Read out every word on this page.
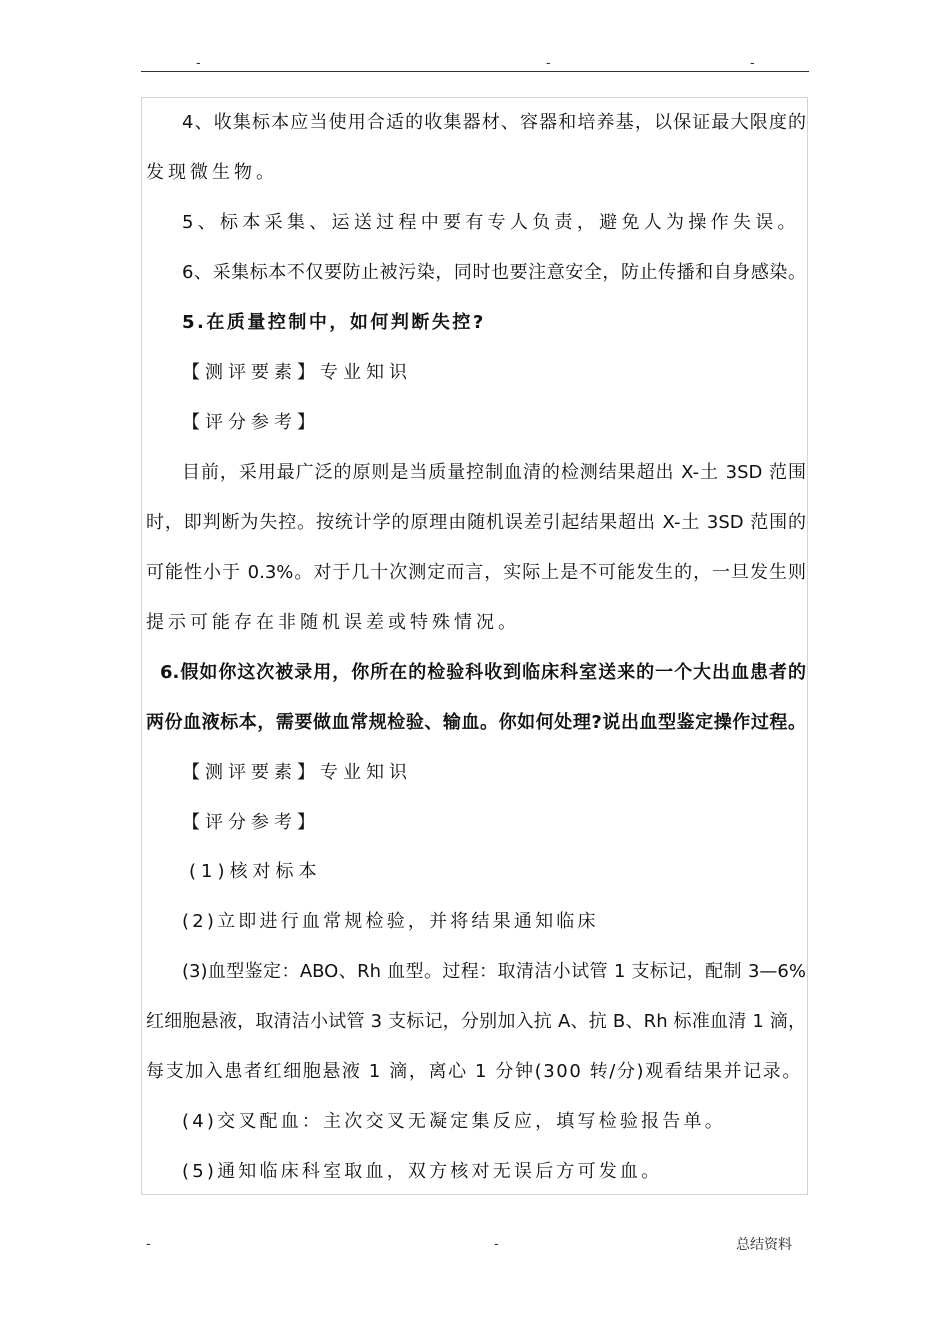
-	-	-
4、收集标本应当使用合适的收集器材、容器和培养基，以保证最大限度的
发现微生物。
5、标本采集、运送过程中要有专人负责，避免人为操作失误。
6、采集标本不仅要防止被污染，同时也要注意安全，防止传播和自身感染。
5.在质量控制中，如何判断失控?
【测评要素】专业知识
【评分参考】
目前，采用最广泛的原则是当质量控制血清的检测结果超出 X-土 3SD 范围
时，即判断为失控。按统计学的原理由随机误差引起结果超出 X-土 3SD 范围的
可能性小于 0.3%。对于几十次测定而言，实际上是不可能发生的，一旦发生则
提示可能存在非随机误差或特殊情况。
6.假如你这次被录用，你所在的检验科收到临床科室送来的一个大出血患者的
两份血液标本，需要做血常规检验、输血。你如何处理?说出血型鉴定操作过程。
【测评要素】专业知识
【评分参考】
(1)核对标本
(2)立即进行血常规检验，并将结果通知临床
(3)血型鉴定：ABO、Rh 血型。过程：取清洁小试管 1 支标记，配制 3—6%
红细胞悬液，取清洁小试管 3 支标记，分别加入抗 A、抗 B、Rh 标准血清 1 滴，
每支加入患者红细胞悬液 1 滴，离心 1 分钟(300 转/分)观看结果并记录。
(4)交叉配血：主次交叉无凝定集反应，填写检验报告单。
(5)通知临床科室取血，双方核对无误后方可发血。
-	-	总结资料
